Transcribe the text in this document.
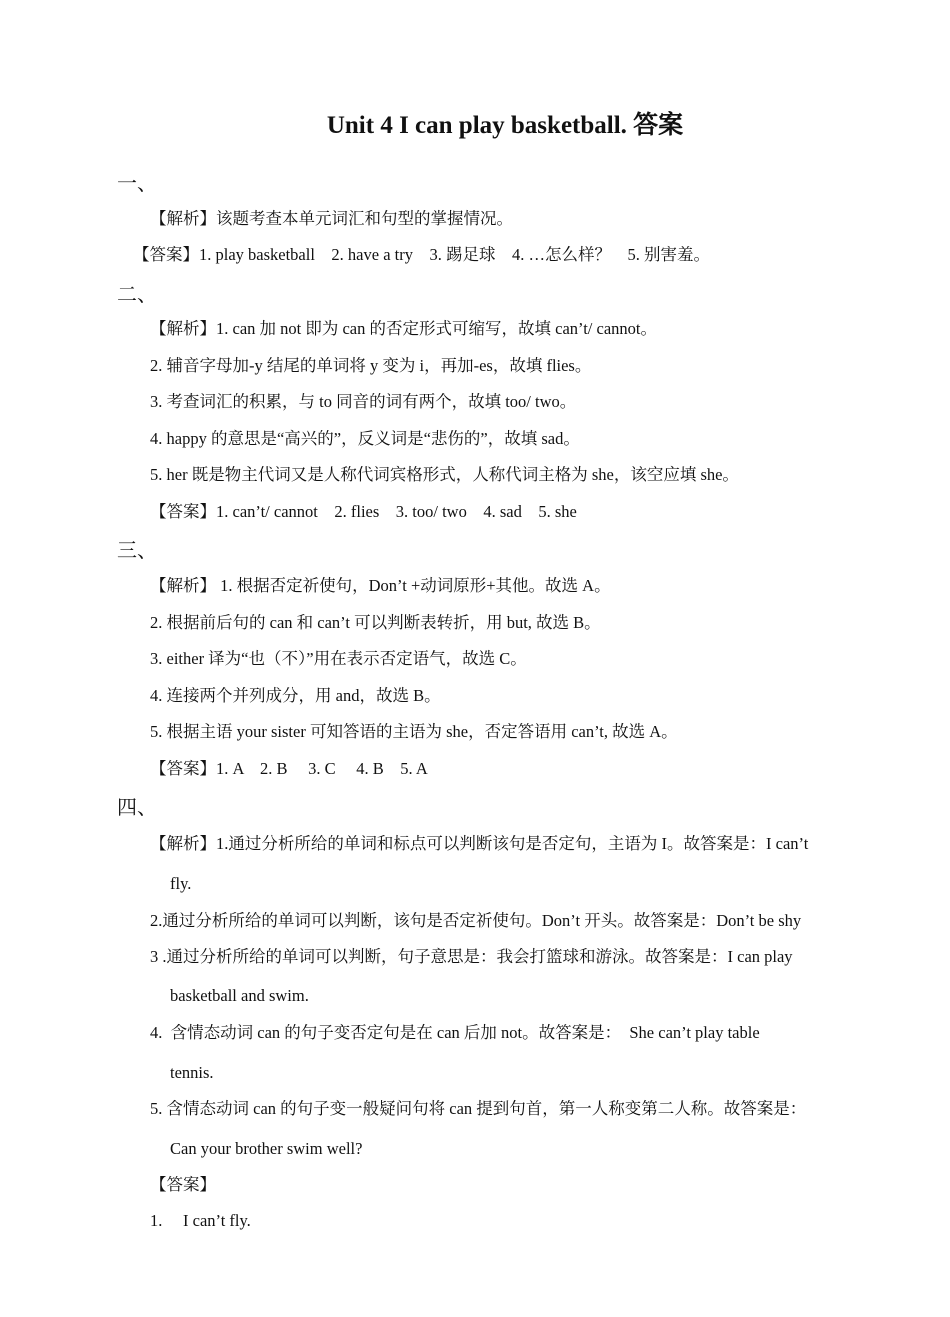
Unit 4 I can play basketball. 答案
一、
【解析】该题考查本单元词汇和句型的掌握情况。
【答案】1. play basketball    2. have a try    3. 踢足球    4. …怎么样？    5. 别害羞。
二、
【解析】1. can 加 not 即为 can 的否定形式可缩写，故填 can’t/ cannot。
2. 辅音字母加-y 结尾的单词将 y 变为 i，再加-es，故填 flies。
3. 考查词汇的积累，与 to 同音的词有两个，故填 too/ two。
4. happy 的意思是“高兴的”，反义词是“悲伤的”，故填 sad。
5. her 既是物主代词又是人称代词宾格形式，人称代词主格为 she，该空应填 she。
【答案】1. can’t/ cannot    2. flies    3. too/ two    4. sad    5. she
三、
【解析】 1. 根据否定祈使句，Don’t +动词原形+其他。故选 A。
2. 根据前后句的 can 和 can’t 可以判断表转折，用 but, 故选 B。
3. either 译为“也（不）”用在表示否定语气，故选 C。
4. 连接两个并列成分，用 and，故选 B。
5. 根据主语 your sister 可知答语的主语为 she，否定答语用 can’t, 故选 A。
【答案】1. A    2. B     3. C     4. B    5. A
四、
【解析】1.通过分析所给的单词和标点可以判断该句是否定句，主语为 I。故答案是：I can’t
fly.
2.通过分析所给的单词可以判断，该句是否定祈使句。Don’t 开头。故答案是：Don’t be shy
3 .通过分析所给的单词可以判断，句子意思是：我会打篮球和游泳。故答案是：I can play
basketball and swim.
4.  含情态动词 can 的句子变否定句是在 can 后加 not。故答案是：  She can’t play table
tennis.
5. 含情态动词 can 的句子变一般疑问句将 can 提到句首，第一人称变第二人称。故答案是：
Can your brother swim well?
【答案】
1.     I can’t fly.
